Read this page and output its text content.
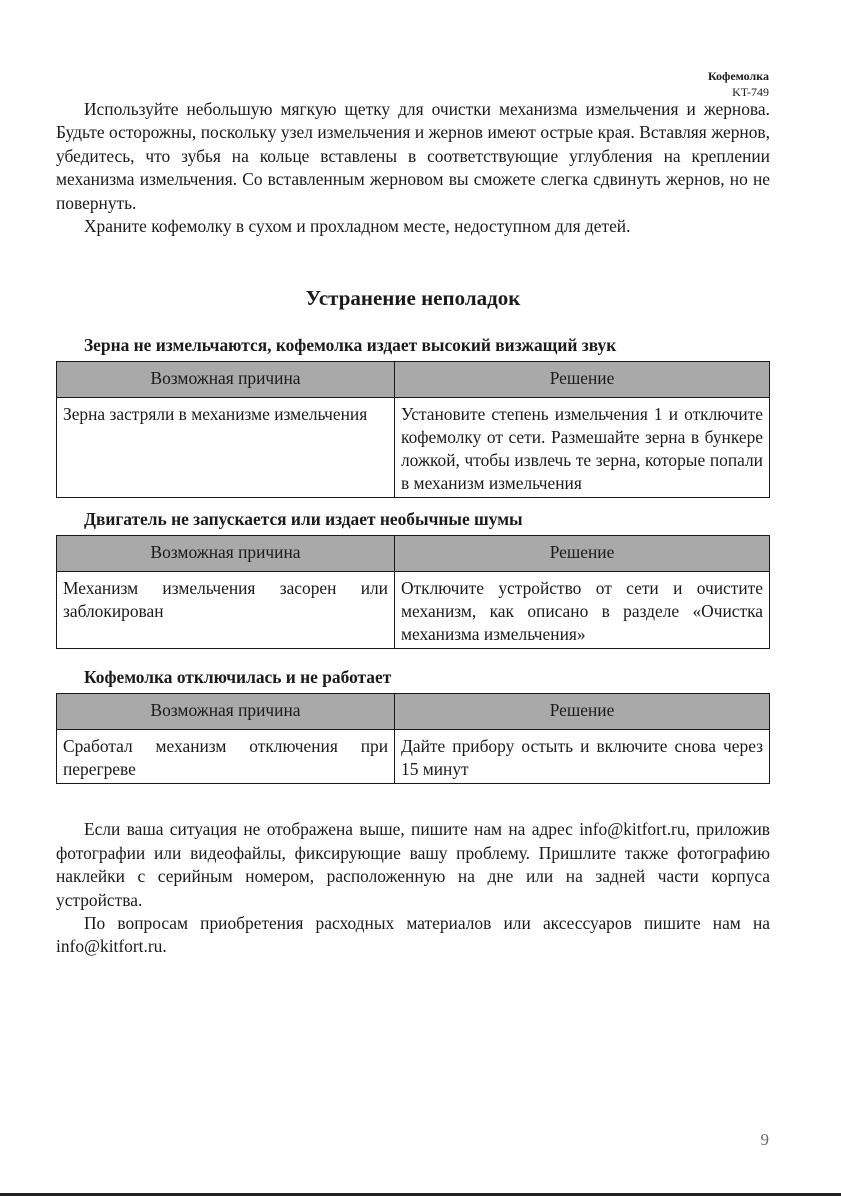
Кофемолка
KT-749

Используйте небольшую мягкую щетку для очистки механизма измельчения и жернова. Будьте осторожны, поскольку узел измельчения и жернов имеют острые края. Вставляя жернов, убедитесь, что зубья на кольце вставлены в соответствующие углубления на креплении механизма измельчения. Со вставленным жерновом вы сможете слегка сдвинуть жернов, но не повернуть.

Храните кофемолку в сухом и прохладном месте, недоступном для детей.

Устранение неполадок
Зерна не измельчаются, кофемолка издает высокий визжащий звук
Возможная причина	Решение
Зерна застряли в механизме измельчения	Установите степень измельчения 1 и отключите кофемолку от сети. Размешайте зерна в бункере ложкой, чтобы извлечь те зерна, которые попали в механизм измельчения
Двигатель не запускается или издает необычные шумы
Возможная причина	Решение
Механизм измельчения засорен или заблокирован	Отключите устройство от сети и очистите механизм, как описано в разделе «Очистка механизма измельчения»
Кофемолка отключилась и не работает
Возможная причина	Решение
Сработал механизм отключения при перегреве	Дайте прибору остыть и включите снова через 15 минут

Если ваша ситуация не отображена выше, пишите нам на адрес info@kitfort.ru, приложив фотографии или видеофайлы, фиксирующие вашу проблему. Пришлите также фотографию наклейки с серийным номером, расположенную на дне или на задней части корпуса устройства.

По вопросам приобретения расходных материалов или аксессуаров пишите нам на info@kitfort.ru.

9
